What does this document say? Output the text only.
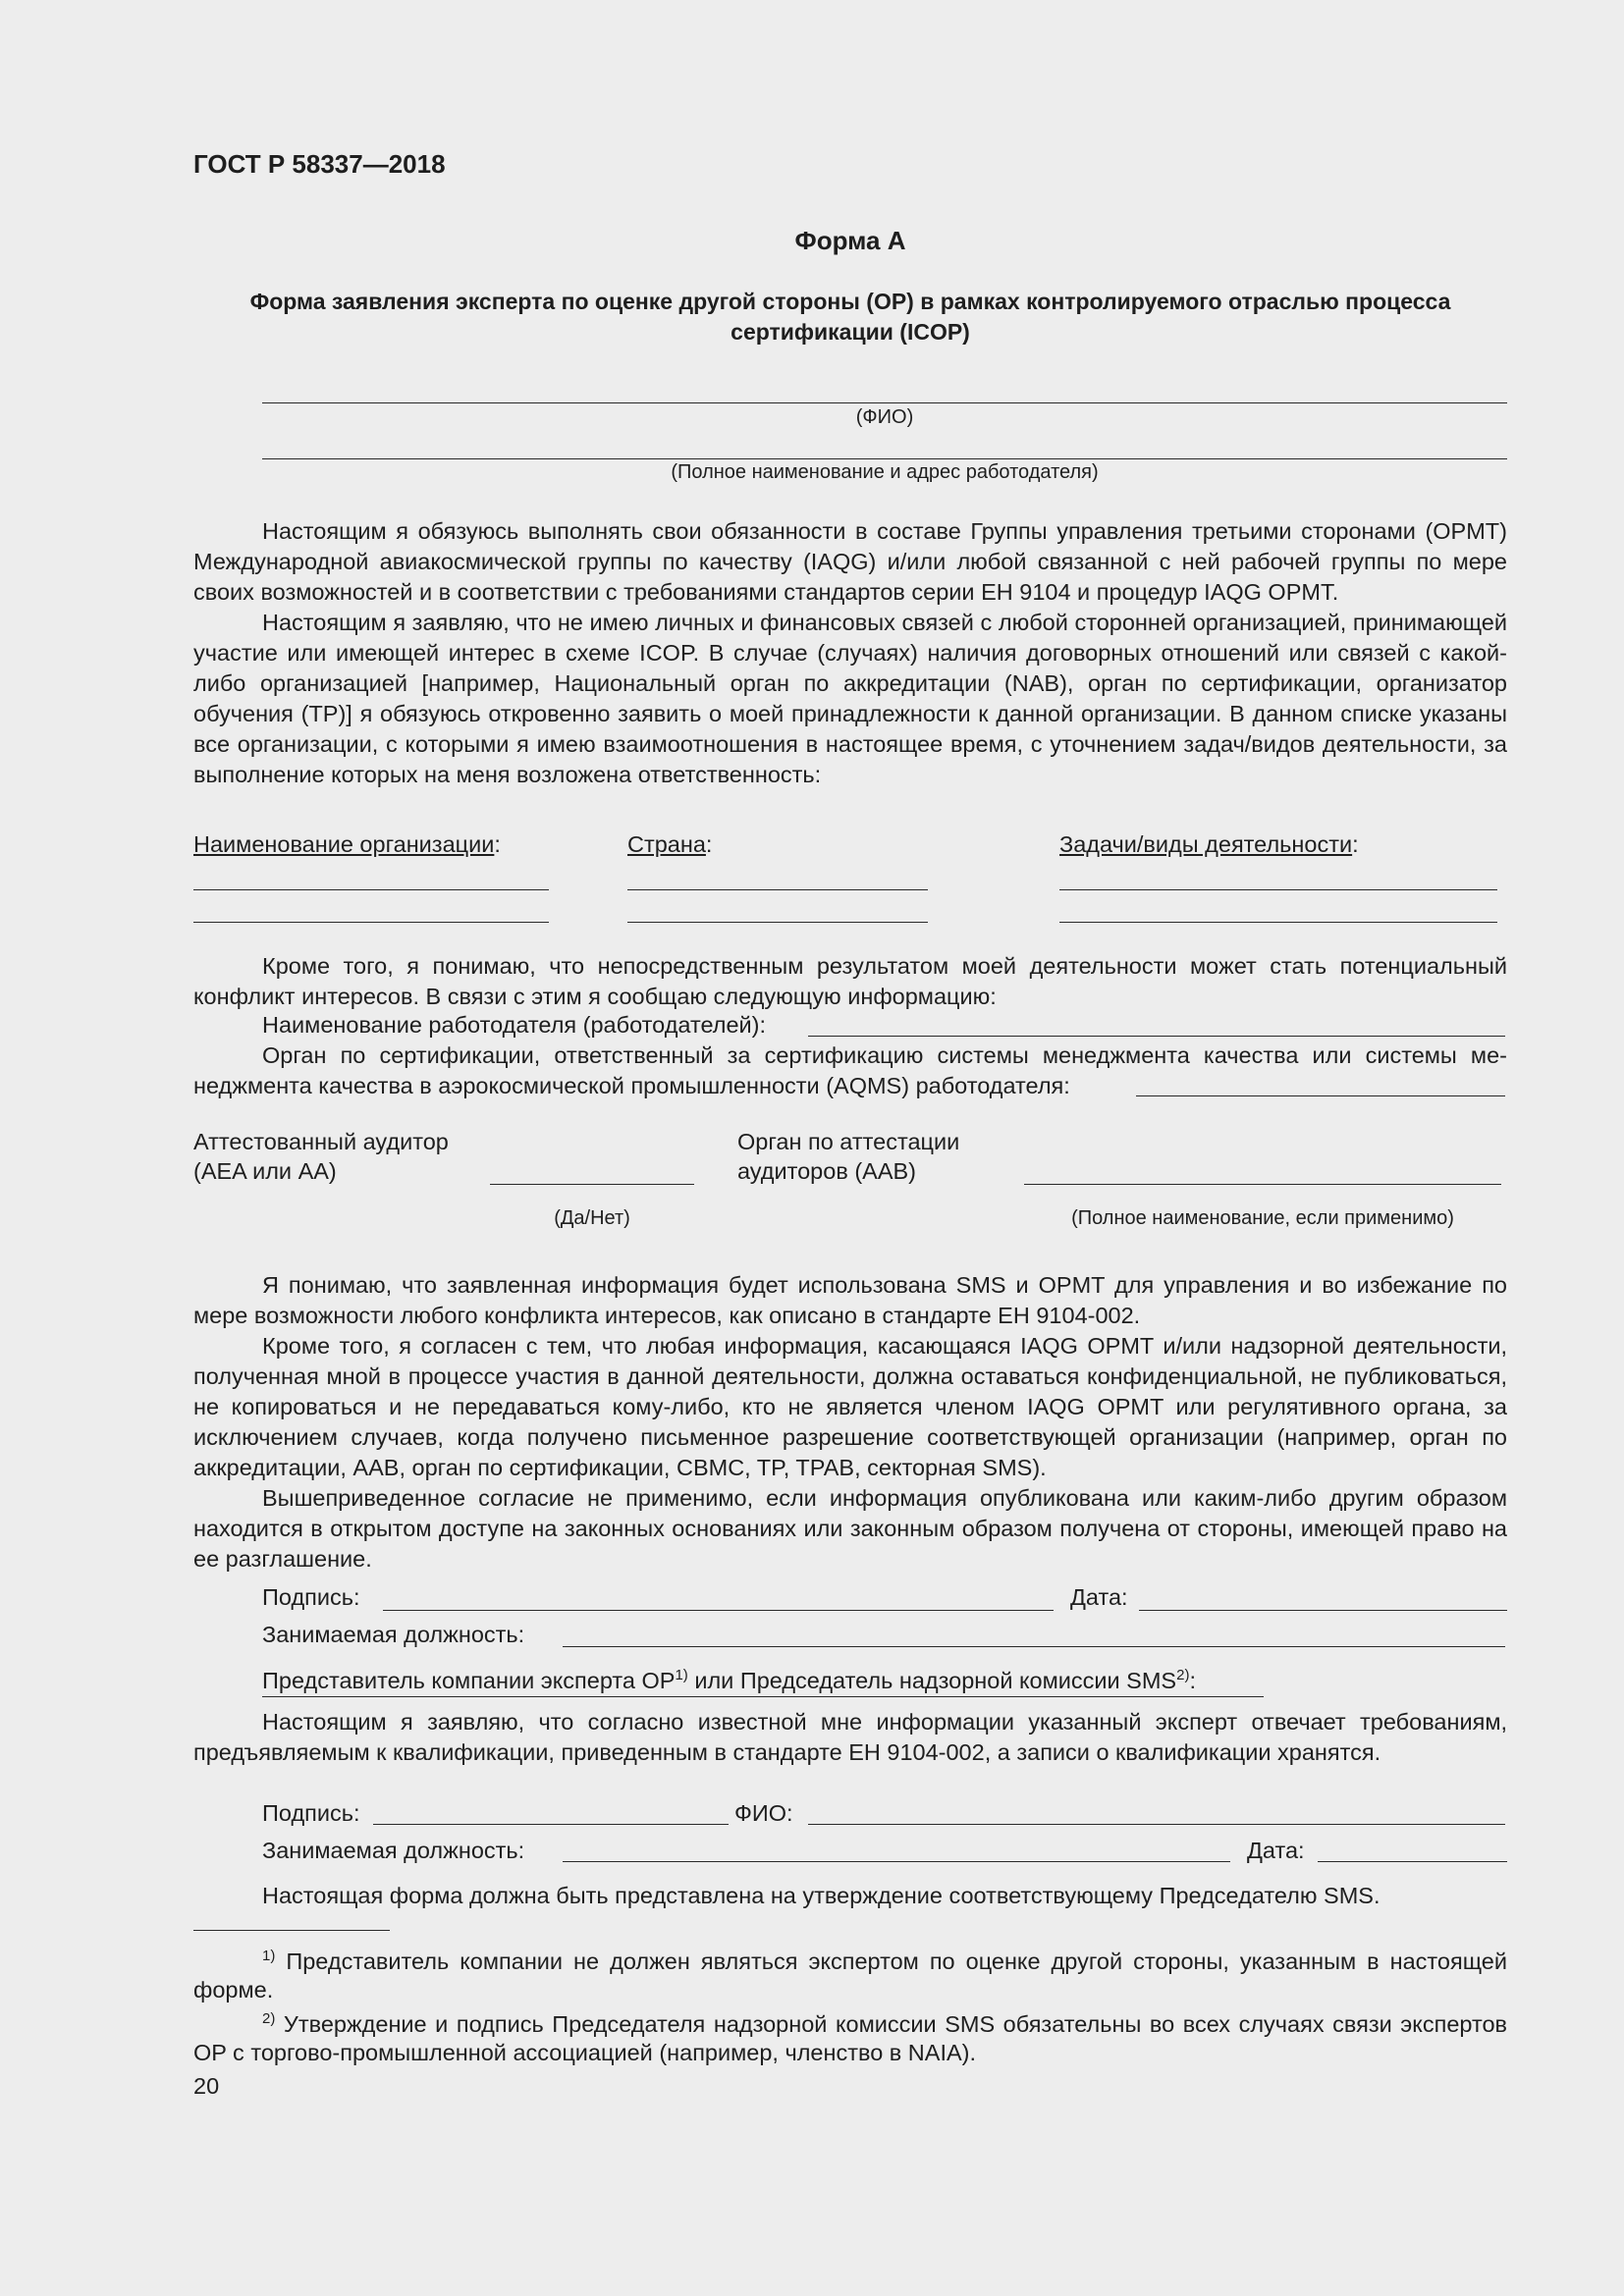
ГОСТ Р 58337—2018
Форма А
Форма заявления эксперта по оценке другой стороны (ОР) в рамках контролируемого отраслью процесса
сертификации (ICOP)
(ФИО)
(Полное наименование и адрес работодателя)
Настоящим я обязуюсь выполнять свои обязанности в составе Группы управления третьими сторонами (OPMT) Международной авиакосмической группы по качеству (IAQG) и/или любой связанной с ней рабочей группы по мере своих возможностей и в соответствии с требованиями стандартов серии ЕН 9104 и процедур IAQG OPMT.
Настоящим я заявляю, что не имею личных и финансовых связей с любой сторонней организацией, принимающей участие или имеющей интерес в схеме ICOP. В случае (случаях) наличия договорных отношений или связей с какой-либо организацией [например, Национальный орган по аккредитации (NAB), орган по сертификации, организатор обучения (ТР)] я обязуюсь откровенно заявить о моей принадлежности к данной организации. В данном списке указаны все организации, с которыми я имею взаимоотношения в настоящее время, с уточнением задач/видов деятельности, за выполнение которых на меня возложена ответственность:
Наименование организации:	Страна:	Задачи/виды деятельности:
Кроме того, я понимаю, что непосредственным результатом моей деятельности может стать потенциальный конфликт интересов. В связи с этим я сообщаю следующую информацию:
Наименование работодателя (работодателей):
Орган по сертификации, ответственный за сертификацию системы менеджмента качества или системы ме-
неджмента качества в аэрокосмической промышленности (AQMS) работодателя:
Аттестованный аудитор
(AEA или AA)
(Да/Нет)
Орган по аттестации
аудиторов (AAB)
(Полное наименование, если применимо)
Я понимаю, что заявленная информация будет использована SMS и OPMT для управления и во избежание по мере возможности любого конфликта интересов, как описано в стандарте ЕН 9104-002.
Кроме того, я согласен с тем, что любая информация, касающаяся IAQG OPMT и/или надзорной деятельности, полученная мной в процессе участия в данной деятельности, должна оставаться конфиденциальной, не публиковаться, не копироваться и не передаваться кому-либо, кто не является членом IAQG OPMT или регулятивного органа, за исключением случаев, когда получено письменное разрешение соответствующей организации (например, орган по аккредитации, AAB, орган по сертификации, CBMC, TP, TPAB, секторная SMS).
Вышеприведенное согласие не применимо, если информация опубликована или каким-либо другим образом находится в открытом доступе на законных основаниях или законным образом получена от стороны, имеющей право на ее разглашение.
Подпись:	Дата:
Занимаемая должность:
Представитель компании эксперта OP$^{1)}$ или Председатель надзорной комиссии SMS$^{2)}$:
Настоящим я заявляю, что согласно известной мне информации указанный эксперт отвечает требованиям, предъявляемым к квалификации, приведенным в стандарте ЕН 9104-002, а записи о квалификации хранятся.
Подпись:	ФИО:
Занимаемая должность:	Дата:
Настоящая форма должна быть представлена на утверждение соответствующему Председателю SMS.
$^{1)}$ Представитель компании не должен являться экспертом по оценке другой стороны, указанным в настоящей форме.
$^{2)}$ Утверждение и подпись Председателя надзорной комиссии SMS обязательны во всех случаях связи экспертов OP с торгово-промышленной ассоциацией (например, членство в NAIA).
20
